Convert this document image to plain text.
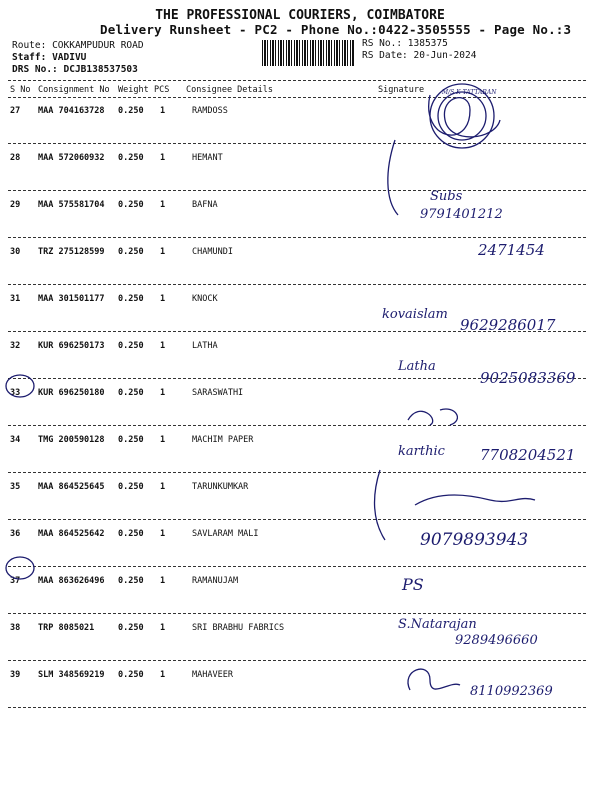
THE PROFESSIONAL COURIERS, COIMBATORE
Delivery Runsheet - PC2 - Phone No.:0422-3505555 - Page No.:3
Route: COKKAMPUDUR ROAD
Staff: VADIVU
DRS No.: DCJB138537503
RS No.: 1385375
RS Date: 20-Jun-2024
S No Consignment No Weight PCS Consignee Details	Signature
27 MAA 704163728 0.250 1	RAMDOSS
28 MAA 572060932 0.250 1	HEMANT
29 MAA 575581704 0.250 1	BAFNA
30 TRZ 275128599 0.250 1	CHAMUNDI
31 MAA 301501177 0.250 1	KNOCK
32 KUR 696250173 0.250 1	LATHA
33 KUR 696250180 0.250 1	SARASWATHI
34 TMG 200590128 0.250 1	MACHIM PAPER
35 MAA 864525645 0.250 1	TARUNKUMKAR
36 MAA 864525642 0.250 1	SAVLARAM MALI
37 MAA 863626496 0.250 1	RAMANUJAM
38 TRP 8085021	0.250 1	SRI BRABHU FABRICS
39 SLM 348569219 0.250 1	MAHAVEER
M/S K TATTARAN
Subs
9791401212
2471454
kovaislam
9629286017
Latha
9025083369
karthic 7708204521
9079893943
PS
S.Natarajan
9289496660
8110992369
